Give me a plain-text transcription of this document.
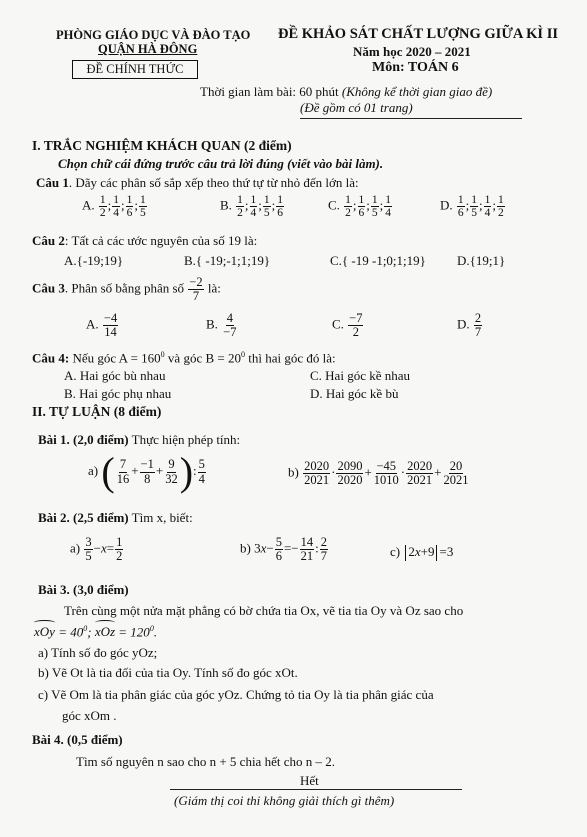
PHÒNG GIÁO DỤC VÀ ĐÀO TẠO
QUẬN HÀ ĐÔNG
ĐỀ CHÍNH THỨC
ĐỀ KHẢO SÁT CHẤT LƯỢNG GIỮA KÌ II
Năm học 2020 – 2021
Môn: TOÁN 6
Thời gian làm bài: 60 phút (Không kể thời gian giao đề)
(Đề gồm có 01 trang)
I. TRẮC NGHIỆM KHÁCH QUAN (2 điểm)
Chọn chữ cái đứng trước câu trả lời đúng (viết vào bài làm).
Câu 1. Dãy các phân số sắp xếp theo thứ tự từ nhỏ đến lớn là:
A. $\frac{1}{2}$ ; $\frac{1}{4}$ ; $\frac{1}{6}$ ; $\frac{1}{5}$	B. $\frac{1}{2}$ ; $\frac{1}{4}$ ; $\frac{1}{5}$ ; $\frac{1}{6}$	C. $\frac{1}{2}$ ; $\frac{1}{6}$ ; $\frac{1}{5}$ ; $\frac{1}{4}$	D. $\frac{1}{6}$ ; $\frac{1}{5}$ ; $\frac{1}{4}$ ; $\frac{1}{2}$
Câu 2: Tất cả các ước nguyên của số 19 là:
A.{-19;19}	B.{ -19;-1;1;19}	C.{ -19 -1;0;1;19} D.{19;1}
Câu 3. Phân số bằng phân số $\frac{-2}{7}$ là:
A. $\frac{-4}{14}$	B. $\frac{4}{-7}$	C. $\frac{-7}{2}$	D. $\frac{2}{7}$
Câu 4: Nếu góc $A = 160^0$ và góc $B = 20^0$ thì hai góc đó là:
A. Hai góc bù nhau	C. Hai góc kề nhau
B. Hai góc phụ nhau	D. Hai góc kề bù
II. TỰ LUẬN (8 điểm)
Bài 1. (2,0 điểm) Thực hiện phép tính:
a) ( $\frac{7}{16} + \frac{-1}{8} + \frac{9}{32}$ ): $\frac{5}{4}$	$b) \frac{2020}{2021} \cdot \frac{2090}{2020} + \frac{-45}{1010} \cdot \frac{2020}{2021} + \frac{20}{2021}$
Bài 2. (2,5 điểm) Tìm x, biết:
$a) \frac{3}{5} -x= \frac{1}{2}$	b) $3x- \frac{5}{6} =- \frac{14}{21}$ : $\frac{2}{7}$	c) 2x+9 =3
Bài 3. (3,0 điểm)
Trên cùng một nửa mặt phẳng có bờ chứa tia Ox, vẽ tia tia Oy và Oz sao cho
xOy = $40^0$; xOz = $120^0$.
a) Tính số đo góc yOz;
b) Vẽ Ot là tia đối của tia Oy. Tính số đo góc xOt.
c) Vẽ Om là tia phân giác của góc yOz. Chứng tỏ tia Oy là tia phân giác của
góc xOm .
Bài 4. (0,5 điểm)
Tìm số nguyên n sao cho n + 5 chia hết cho n – 2.
Hết
(Giám thị coi thi không giải thích gì thêm)
